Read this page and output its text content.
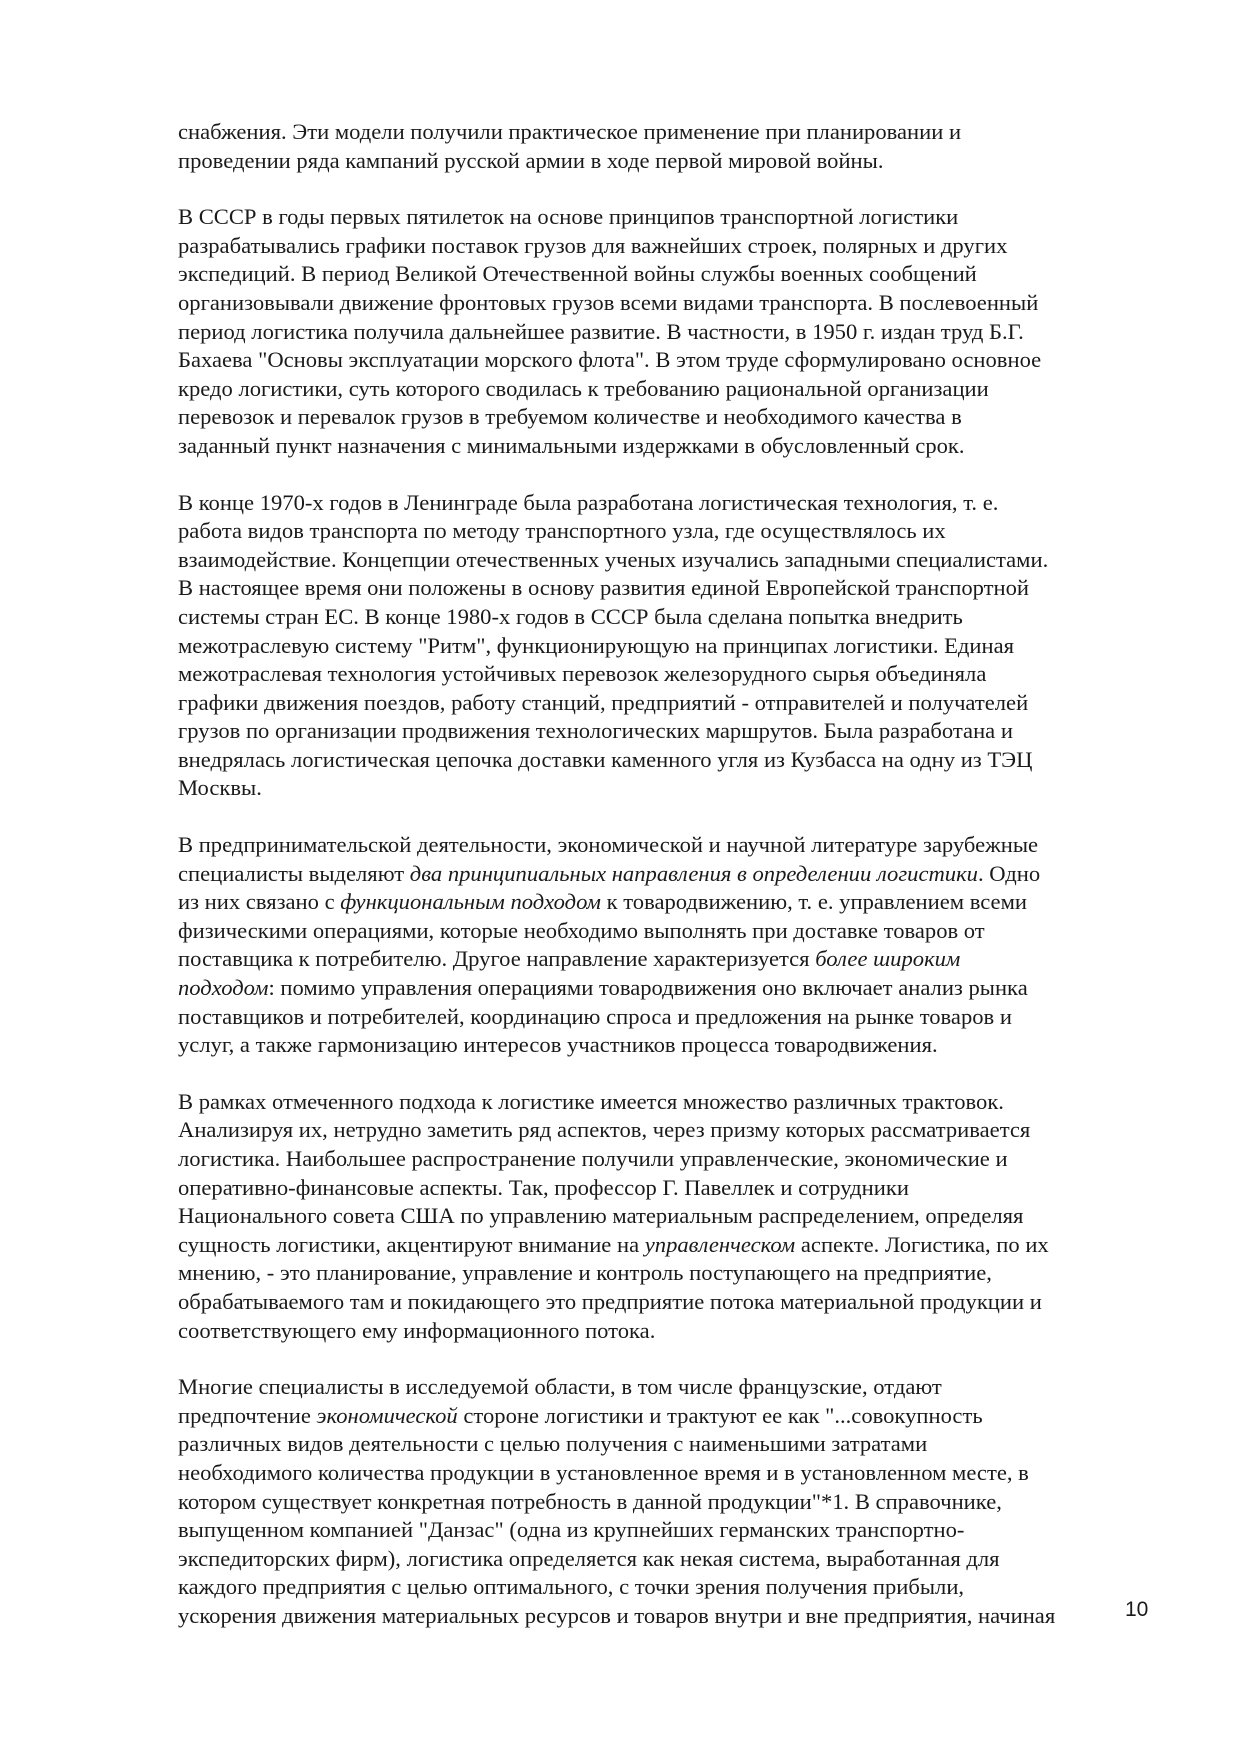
снабжения. Эти модели получили практическое применение при планировании и
проведении ряда кампаний русской армии в ходе первой мировой войны.

В СССР в годы первых пятилеток на основе принципов транспортной логистики
разрабатывались графики поставок грузов для важнейших строек, полярных и других
экспедиций. В период Великой Отечественной войны службы военных сообщений
организовывали движение фронтовых грузов всеми видами транспорта. В послевоенный
период логистика получила дальнейшее развитие. В частности, в 1950 г. издан труд Б.Г.
Бахаева "Основы эксплуатации морского флота". В этом труде сформулировано основное
кредо логистики, суть которого сводилась к требованию рациональной организации
перевозок и перевалок грузов в требуемом количестве и необходимого качества в
заданный пункт назначения с минимальными издержками в обусловленный срок.

В конце 1970-х годов в Ленинграде была разработана логистическая технология, т. е.
работа видов транспорта по методу транспортного узла, где осуществлялось их
взаимодействие. Концепции отечественных ученых изучались западными специалистами.
В настоящее время они положены в основу развития единой Европейской транспортной
системы стран ЕС. В конце 1980-х годов в СССР была сделана попытка внедрить
межотраслевую систему "Ритм", функционирующую на принципах логистики. Единая
межотраслевая технология устойчивых перевозок железорудного сырья объединяла
графики движения поездов, работу станций, предприятий - отправителей и получателей
грузов по организации продвижения технологических маршрутов. Была разработана и
внедрялась логистическая цепочка доставки каменного угля из Кузбасса на одну из ТЭЦ
Москвы.

В предпринимательской деятельности, экономической и научной литературе зарубежные
специалисты выделяют два принципиальных направления в определении логистики. Одно
из них связано с функциональным подходом к товародвижению, т. е. управлением всеми
физическими операциями, которые необходимо выполнять при доставке товаров от
поставщика к потребителю. Другое направление характеризуется более широким
подходом: помимо управления операциями товародвижения оно включает анализ рынка
поставщиков и потребителей, координацию спроса и предложения на рынке товаров и
услуг, а также гармонизацию интересов участников процесса товародвижения.

В рамках отмеченного подхода к логистике имеется множество различных трактовок.
Анализируя их, нетрудно заметить ряд аспектов, через призму которых рассматривается
логистика. Наибольшее распространение получили управленческие, экономические и
оперативно-финансовые аспекты. Так, профессор Г. Павеллек и сотрудники
Национального совета США по управлению материальным распределением, определяя
сущность логистики, акцентируют внимание на управленческом аспекте. Логистика, по их
мнению, - это планирование, управление и контроль поступающего на предприятие,
обрабатываемого там и покидающего это предприятие потока материальной продукции и
соответствующего ему информационного потока.

Многие специалисты в исследуемой области, в том числе французские, отдают
предпочтение экономической стороне логистики и трактуют ее как "...совокупность
различных видов деятельности с целью получения с наименьшими затратами
необходимого количества продукции в установленное время и в установленном месте, в
котором существует конкретная потребность в данной продукции"*1. В справочнике,
выпущенном компанией "Данзас" (одна из крупнейших германских транспортно-
экспедиторских фирм), логистика определяется как некая система, выработанная для
каждого предприятия с целью оптимального, с точки зрения получения прибыли,
ускорения движения материальных ресурсов и товаров внутри и вне предприятия, начиная	10
